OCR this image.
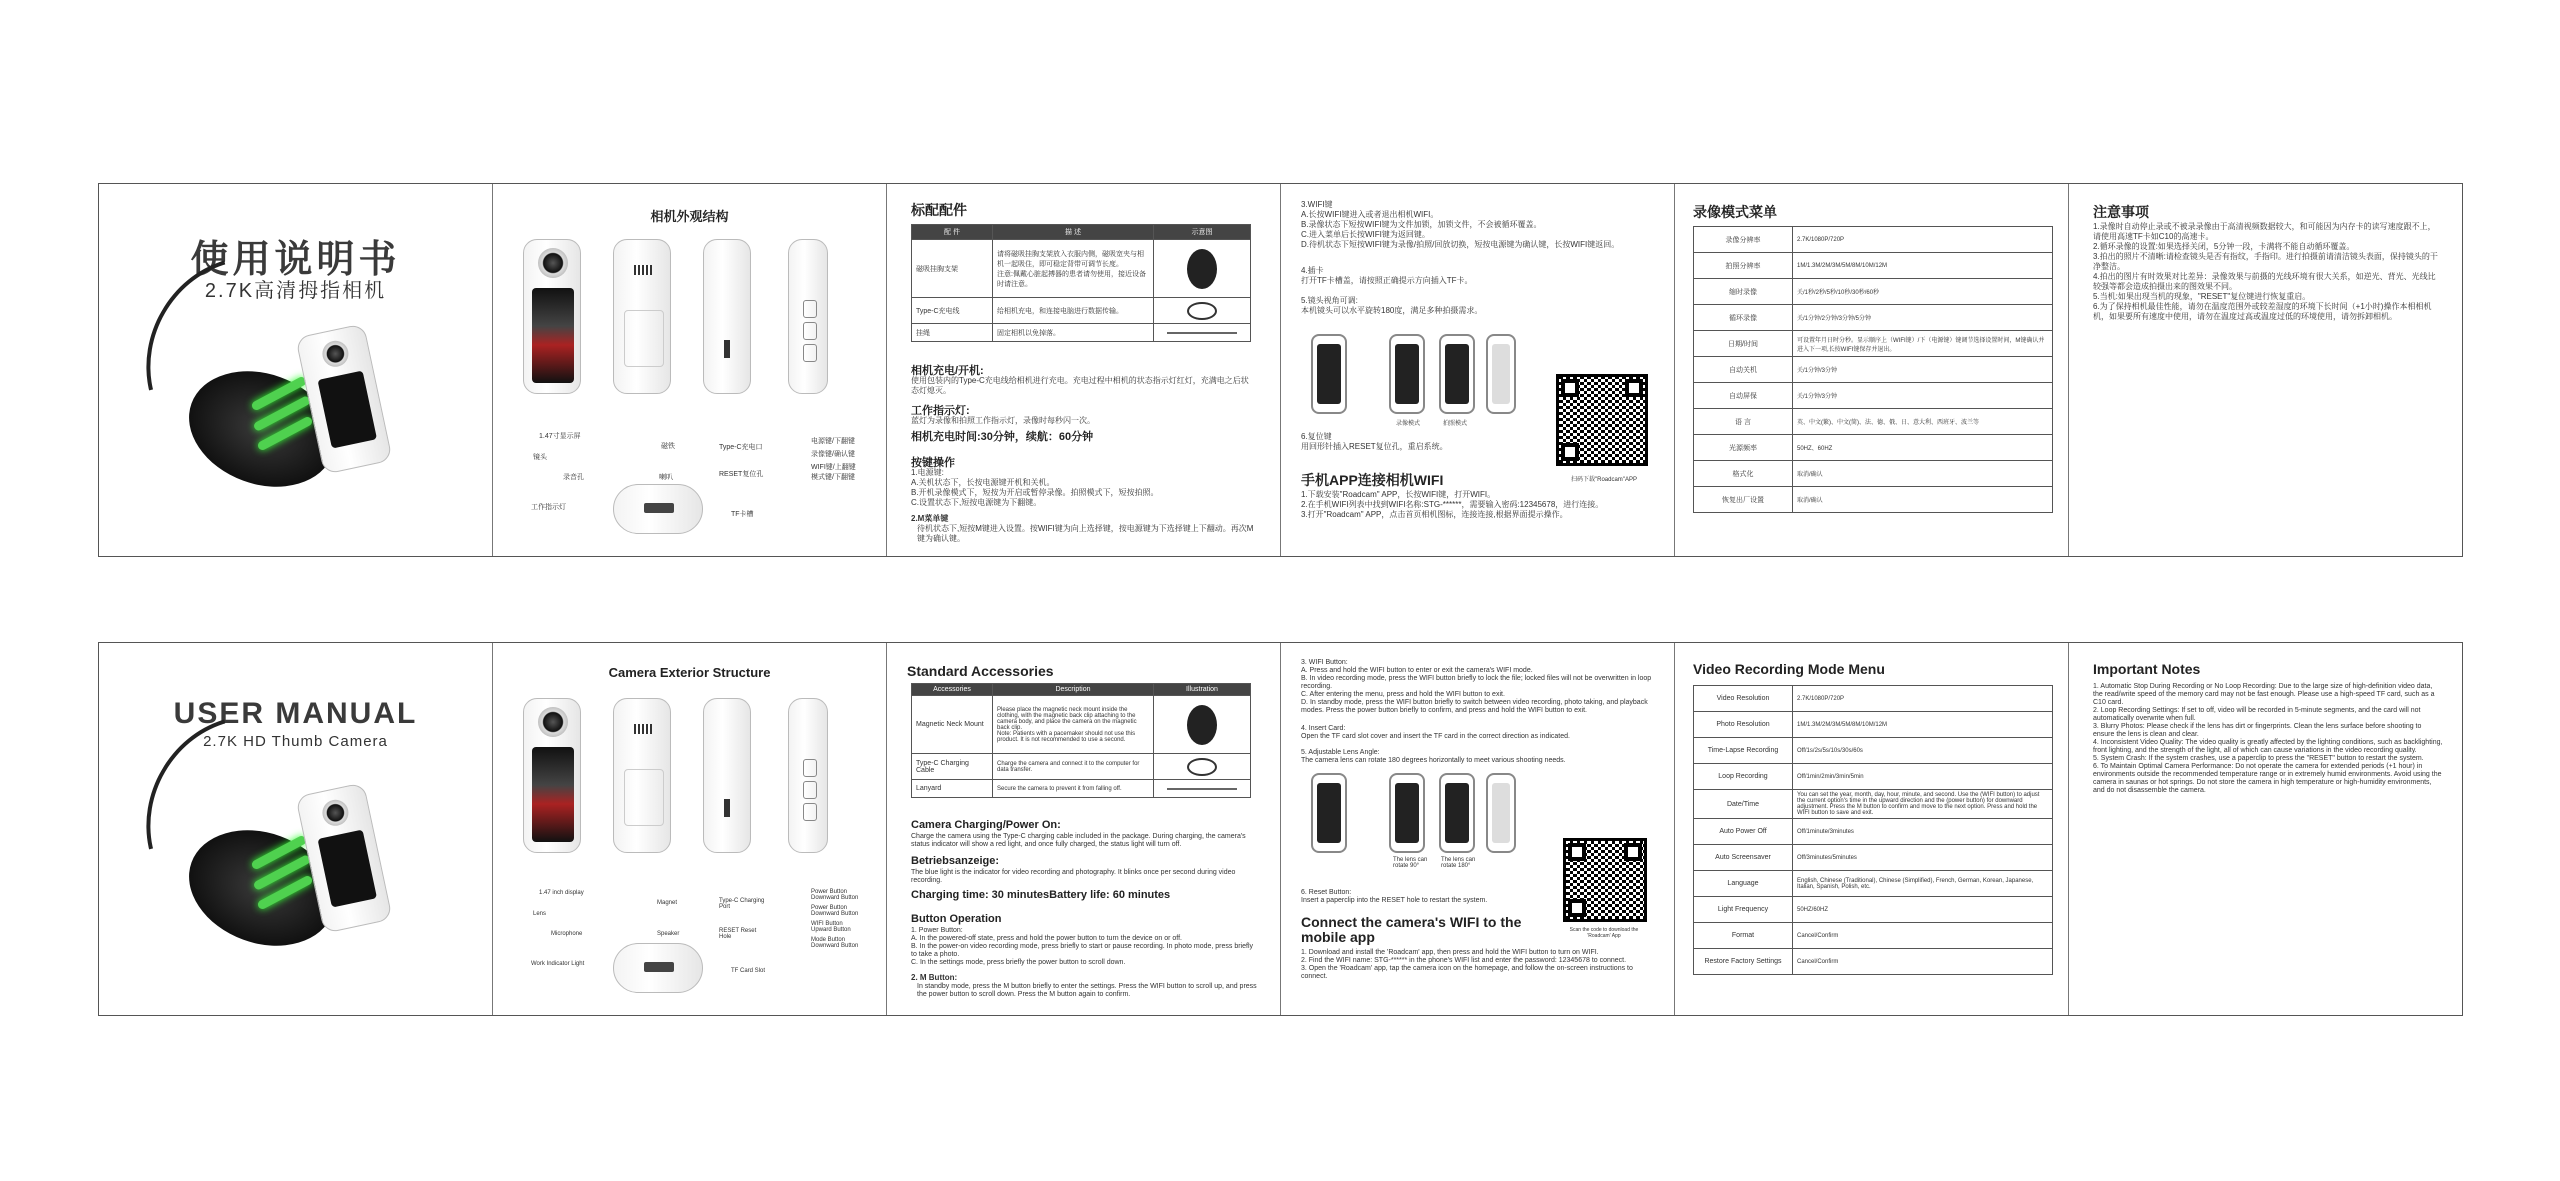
使用说明书
2.7K高清拇指相机
相机外观结构
1.47寸显示屏
镜头
录音孔
工作指示灯
磁铁
喇叭
Type-C充电口
RESET复位孔
电源键/下翻键
录像键/确认键
WIFI键/上翻键
模式键/下翻键
TF卡槽
标配配件
配 件	描 述	示意图
磁吸挂胸支架	请将磁吸挂胸支架放入衣服内侧，磁吸宽夹与相机一起吸住，即可稳定背带可调节长度。
注意:佩戴心脏起搏器的患者请勿使用，接近设备时请注意。	

Type-C充电线	给相机充电，和连接电脑进行数据传输。	

挂绳	固定相机以免掉落。	
相机充电/开机:
使用包装内的Type-C充电线给相机进行充电。充电过程中相机的状态指示灯红灯，充满电之后状态灯熄灭。
工作指示灯:
蓝灯为录像和拍照工作指示灯，录像时每秒闪一次。
相机充电时间:30分钟，续航：60分钟
按键操作
1.电源键:
A.关机状态下，长按电源键开机和关机。
B.开机录像模式下，短按为开启或暂停录像。拍照模式下，短按拍照。
C.设置状态下,短按电源键为下翻键。
2.M菜单键
待机状态下,短按M键进入设置。按WIFI键为向上选择键，按电源键为下选择键上下翻动。再次M键为确认键。
3.WIFI键
A.长按WIFI键进入或者退出相机WIFI。
B.录像状态下短按WIFI键为文件加锁，加锁文件，不会被循环覆盖。
C.进入菜单后长按WIFI键为返回键。
D.待机状态下短按WIFI键为录像/拍照/回放切换，短按电源键为确认键，长按WIFI键返回。
4.插卡
打开TF卡槽盖，请按照正确提示方向插入TF卡。
5.镜头视角可调:
本机镜头可以水平旋转180度，满足多种拍摄需求。
录像模式	拍照模式
扫码下载"Roadcam"APP
6.复位键
用回形针插入RESET复位孔，重启系统。
手机APP连接相机WIFI
1.下载安装"Roadcam" APP，长按WIFI键，打开WIFI。
2.在手机WIFI列表中找到WIFI名称:STG-******，需要输入密码:12345678，进行连接。
3.打开"Roadcam" APP，点击首页相机图标，连接连接,根据界面提示操作。
录像模式菜单
录像分辨率	2.7K/1080P/720P
拍照分辨率	1M/1.3M/2M/3M/5M/8M/10M/12M
缩时录像	关/1秒/2秒/5秒/10秒/30秒/60秒
循环录像	关/1分钟/2分钟/3分钟/5分钟
日期/时间	可设置年月日时分秒。显示顺序上（WIFI键）/下（电源键）键调节选择设置时间，M键确认并进入下一项,长按WIFI键保存并退出。
自动关机	关/1分钟/3分钟
自动屏保	关/1分钟/3分钟
语 言	英、中文(繁)、中文(简)、法、德、俄、日、意大利、西班牙、波兰等
光源频率	50HZ、60HZ
格式化	取消/确认
恢复出厂设置	取消/确认
注意事项
1.录像时自动停止录或不被录录像由于高清视频数据较大，和可能因为内存卡的读写速度跟不上，请使用高速TF卡如C10的高速卡。
2.循环录像的设置:如果选择关闭，5分钟一段，卡满将不能自动循环覆盖。
3.拍出的照片不清晰:请检查镜头是否有指纹，手指印。进行拍摄前请清洁镜头表面，保持镜头的干净整洁。
4.拍出的图片有时效果对比差异：录像效果与前摄的光线环境有很大关系，如逆光、背光、光线比较强等都会造成拍摄出来的图效果不同。
5.当机:如果出现当机的现象，"RESET"复位键进行恢复重启。
6.为了保持相机最佳性能，请勿在温度范围外或较差湿度的环境下长时间（+1小时)操作本相相机机，如果要所有速度中使用，请勿在温度过高或温度过低的环境使用，请勿拆卸相机。
USER MANUAL
2.7K HD Thumb Camera
Camera Exterior Structure
1.47 inch display
Lens
Microphone
Work Indicator Light
Magnet
Speaker
Type-C Charging Port
RESET Reset Hole
Power Button
Downward Button
Power Button
Downward Button
WIFI Button
Upward Button
Mode Button
Downward Button
TF Card Slot
Standard Accessories
Accessories	Description	Illustration
Magnetic Neck Mount	Please place the magnetic neck mount inside the clothing, with the magnetic back clip attaching to the camera body, and place the camera on the magnetic back clip.
Note: Patients with a pacemaker should not use this product. It is not recommended to use a second.	

Type-C Charging Cable	Charge the camera and connect it to the computer for data transfer.	

Lanyard	Secure the camera to prevent it from falling off.	
Camera Charging/Power On:
Charge the camera using the Type-C charging cable included in the package. During charging, the camera's status indicator will show a red light, and once fully charged, the status light will turn off.
Betriebsanzeige:
The blue light is the indicator for video recording and photography. It blinks once per second during video recording.
Charging time: 30 minutesBattery life: 60 minutes
Button Operation
1. Power Button:
A. In the powered-off state, press and hold the power button to turn the device on or off.
B. In the power-on video recording mode, press briefly to start or pause recording. In photo mode, press briefly to take a photo.
C. In the settings mode, press briefly the power button to scroll down.
2. M Button:
In standby mode, press the M button briefly to enter the settings. Press the WIFI button to scroll up, and press the power button to scroll down. Press the M button again to confirm.
3. WIFI Button:
A. Press and hold the WIFI button to enter or exit the camera's WIFI mode.
B. In video recording mode, press the WIFI button briefly to lock the file; locked files will not be overwritten in loop recording.
C. After entering the menu, press and hold the WIFI button to exit.
D. In standby mode, press the WIFI button briefly to switch between video recording, photo taking, and playback modes. Press the power button briefly to confirm, and press and hold the WIFI button to exit.
4. Insert Card:
Open the TF card slot cover and insert the TF card in the correct direction as indicated.
5. Adjustable Lens Angle:
The camera lens can rotate 180 degrees horizontally to meet various shooting needs.
The lens can rotate 90°
The lens can rotate 180°
Scan the code to download the 'Roadcam' App
6. Reset Button:
Insert a paperclip into the RESET hole to restart the system.
Connect the camera's WIFI to the mobile app
1. Download and install the 'Roadcam' app, then press and hold the WIFI button to turn on WIFI.
2. Find the WIFI name: STG-****** in the phone's WIFI list and enter the password: 12345678 to connect.
3. Open the 'Roadcam' app, tap the camera icon on the homepage, and follow the on-screen instructions to connect.
Video Recording Mode Menu
Video Resolution	2.7K/1080P/720P
Photo Resolution	1M/1.3M/2M/3M/5M/8M/10M/12M
Time-Lapse Recording	Off/1s/2s/5s/10s/30s/60s
Loop Recording	Off/1min/2min/3min/5min
Date/Time	You can set the year, month, day, hour, minute, and second. Use the (WIFI button) to adjust the current option's time in the upward direction and the (power button) for downward adjustment. Press the M button to confirm and move to the next option. Press and hold the WIFI button to save and exit.
Auto Power Off	Off/1minute/3minutes
Auto Screensaver	Off/3minutes/5minutes
Language	English, Chinese (Traditional), Chinese (Simplified), French, German, Korean, Japanese, Italian, Spanish, Polish, etc.
Light Frequency	50HZ/60HZ
Format	Cancel/Confirm
Restore Factory Settings	Cancel/Confirm
Important Notes
1. Automatic Stop During Recording or No Loop Recording: Due to the large size of high-definition video data, the read/write speed of the memory card may not be fast enough. Please use a high-speed TF card, such as a C10 card.
2. Loop Recording Settings: If set to off, video will be recorded in 5-minute segments, and the card will not automatically overwrite when full.
3. Blurry Photos: Please check if the lens has dirt or fingerprints. Clean the lens surface before shooting to ensure the lens is clean and clear.
4. Inconsistent Video Quality: The video quality is greatly affected by the lighting conditions, such as backlighting, front lighting, and the strength of the light, all of which can cause variations in the video recording quality.
5. System Crash: If the system crashes, use a paperclip to press the "RESET" button to restart the system.
6. To Maintain Optimal Camera Performance: Do not operate the camera for extended periods (+1 hour) in environments outside the recommended temperature range or in extremely humid environments. Avoid using the camera in saunas or hot springs. Do not store the camera in high temperature or high-humidity environments, and do not disassemble the camera.
